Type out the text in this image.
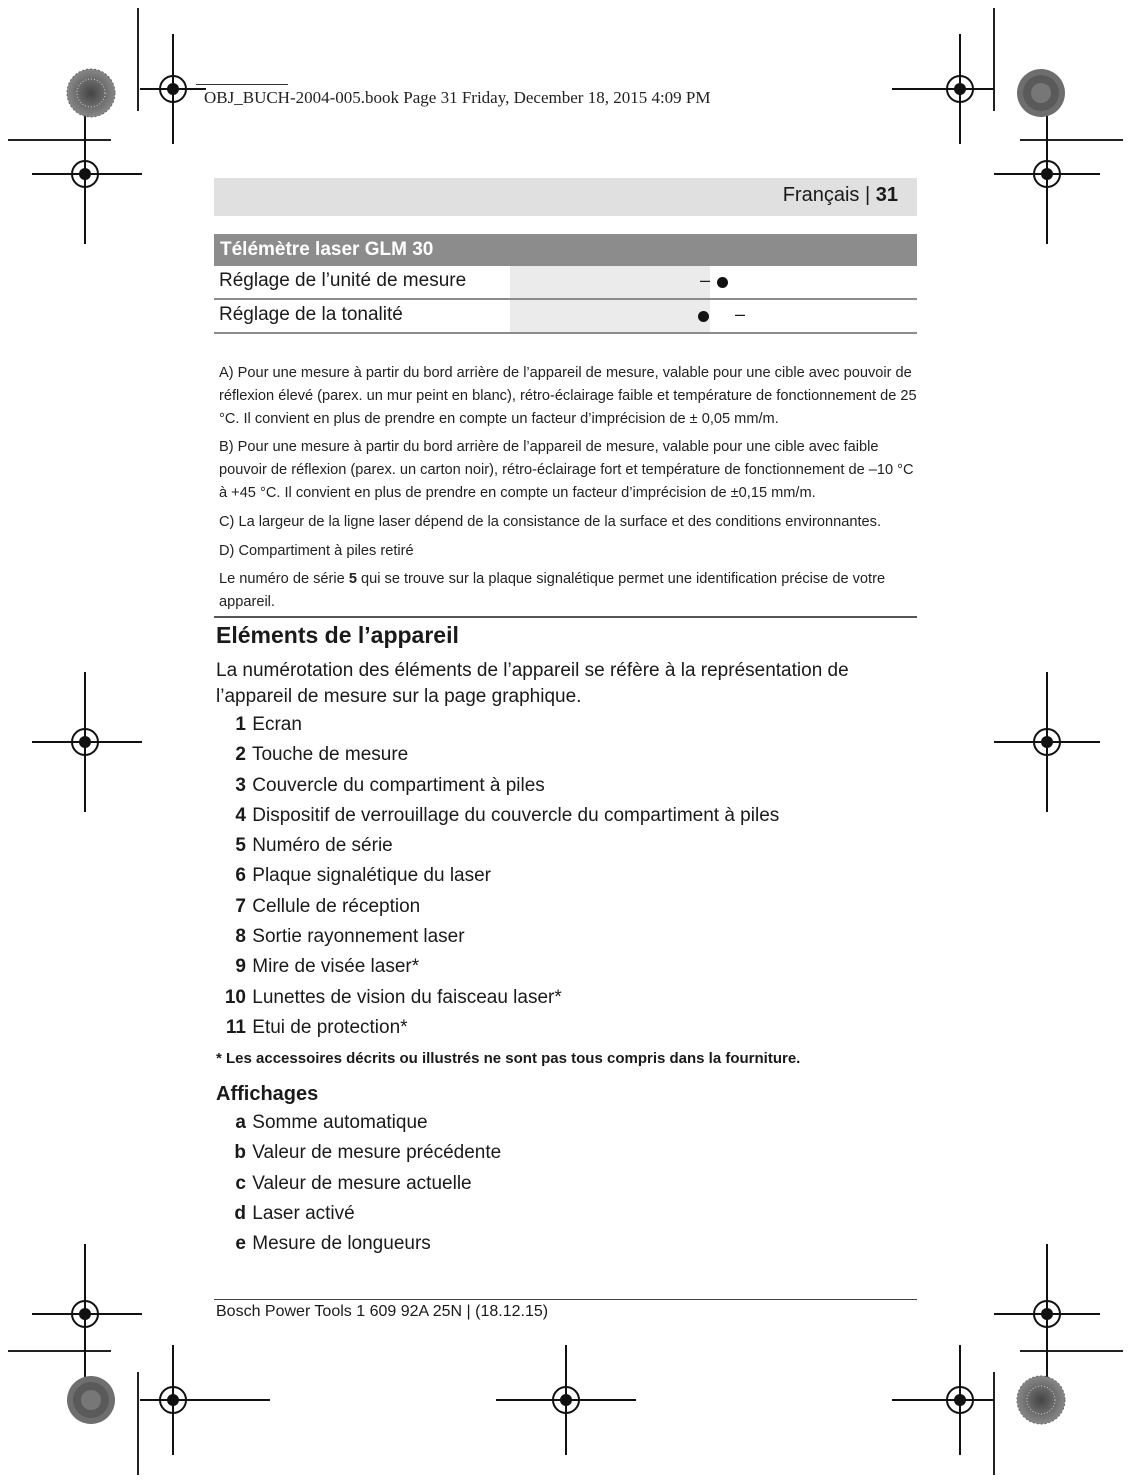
OBJ_BUCH-2004-005.book Page 31 Friday, December 18, 2015 4:09 PM
Français | 31
Télémètre laser GLM 30
Réglage de l’unité de mesure	–
Réglage de la tonalité	–
A) Pour une mesure à partir du bord arrière de l’appareil de mesure, valable pour une cible avec pouvoir de réflexion élevé (parex. un mur peint en blanc), rétro-éclairage faible et température de fonctionnement de 25 °C. Il convient en plus de prendre en compte un facteur d’imprécision de ± 0,05 mm/m.
B) Pour une mesure à partir du bord arrière de l’appareil de mesure, valable pour une cible avec faible pouvoir de réflexion (parex. un carton noir), rétro-éclairage fort et température de fonctionnement de –10 °C à +45 °C. Il convient en plus de prendre en compte un facteur d’imprécision de ±0,15 mm/m.
C) La largeur de la ligne laser dépend de la consistance de la surface et des conditions environnantes.
D) Compartiment à piles retiré
Le numéro de série 5 qui se trouve sur la plaque signalétique permet une identification précise de votre appareil.
Eléments de l’appareil
La numérotation des éléments de l’appareil se réfère à la représentation de l’appareil de mesure sur la page graphique.
1 Ecran
2 Touche de mesure
3 Couvercle du compartiment à piles
4 Dispositif de verrouillage du couvercle du compartiment à piles
5 Numéro de série
6 Plaque signalétique du laser
7 Cellule de réception
8 Sortie rayonnement laser
9 Mire de visée laser*
10 Lunettes de vision du faisceau laser*
11 Etui de protection*
* Les accessoires décrits ou illustrés ne sont pas tous compris dans la fourniture.
Affichages
a Somme automatique
b Valeur de mesure précédente
c Valeur de mesure actuelle
d Laser activé
e Mesure de longueurs
Bosch Power Tools 1 609 92A 25N | (18.12.15)
